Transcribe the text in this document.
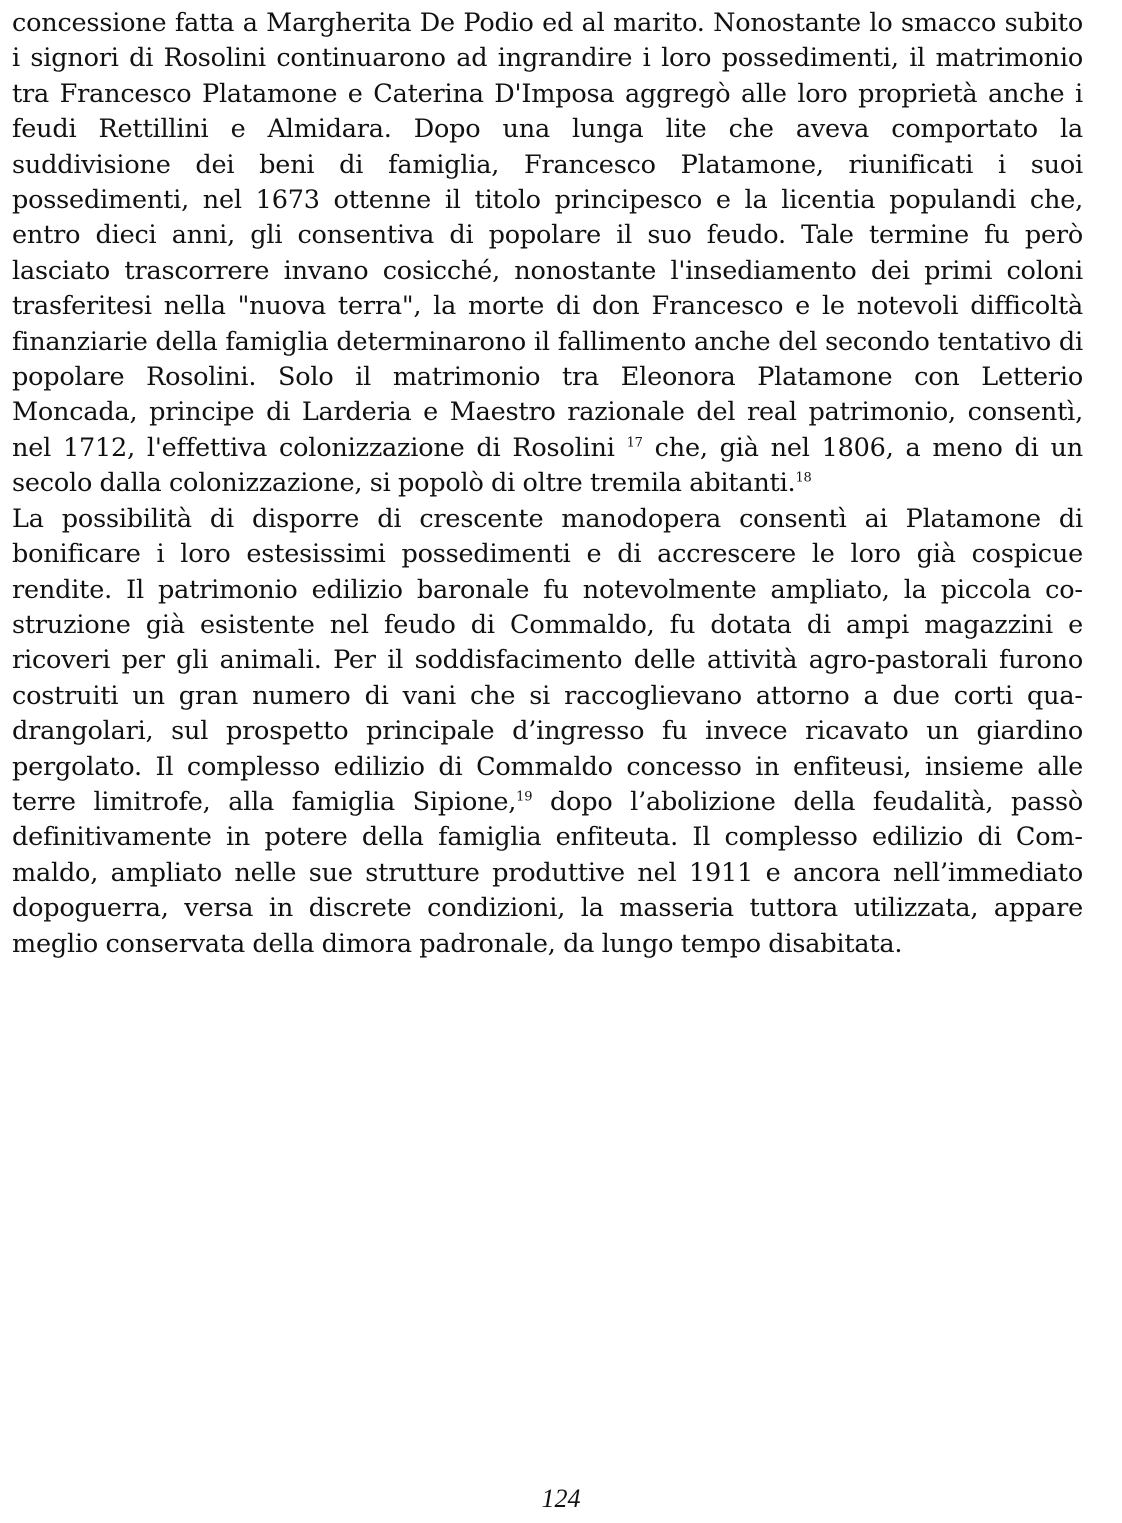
concessione fatta a Margherita De Podio ed al marito. Nonostante lo smacco subito i signori di Rosolini continuarono ad ingrandire i loro possedimenti, il matrimonio tra Francesco Platamone e Caterina D'Imposa aggregò alle loro proprietà anche i feudi Rettillini e Almidara. Dopo una lunga lite che aveva comportato la suddivisione dei beni di famiglia, Francesco Platamone, riunificati i suoi possedimenti, nel 1673 ottenne il titolo principesco e la licentia populandi che, entro dieci anni, gli consentiva di popolare il suo feudo. Tale termine fu però lasciato trascorrere invano cosicché, nonostante l'insediamento dei primi coloni trasferitesi nella "nuova terra", la morte di don Francesco e le notevoli difficoltà finanziarie della famiglia determinarono il fallimento anche del secondo tentativo di popolare Rosolini. Solo il matrimonio tra Eleonora Platamone con Letterio Moncada, principe di Larderia e Maestro razionale del real patrimonio, consentì, nel 1712, l'effettiva colonizzazione di Rosolini $^{17}$ che, già nel 1806, a meno di un secolo dalla colonizzazione, si popolò di oltre tremila abitanti.$^{18}$

La possibilità di disporre di crescente manodopera consentì ai Platamone di bonificare i loro estesissimi possedimenti e di accrescere le loro già cospicue rendite. Il patrimonio edilizio baronale fu notevolmente ampliato, la piccola costruzione già esistente nel feudo di Commaldo, fu dotata di ampi magazzini e ricoveri per gli animali. Per il soddisfacimento delle attività agro-pastorali furono costruiti un gran numero di vani che si raccoglievano attorno a due corti quadrangolari, sul prospetto principale d’ingresso fu invece ricavato un giardino pergolato. Il complesso edilizio di Commaldo concesso in enfiteusi, insieme alle terre limitrofe, alla famiglia Sipione,$^{19}$ dopo l’abolizione della feudalità, passò definitivamente in potere della famiglia enfiteuta. Il complesso edilizio di Commaldo, ampliato nelle sue strutture produttive nel 1911 e ancora nell’immediato dopoguerra, versa in discrete condizioni, la masseria tuttora utilizzata, appare meglio conservata della dimora padronale, da lungo tempo disabitata.

124
